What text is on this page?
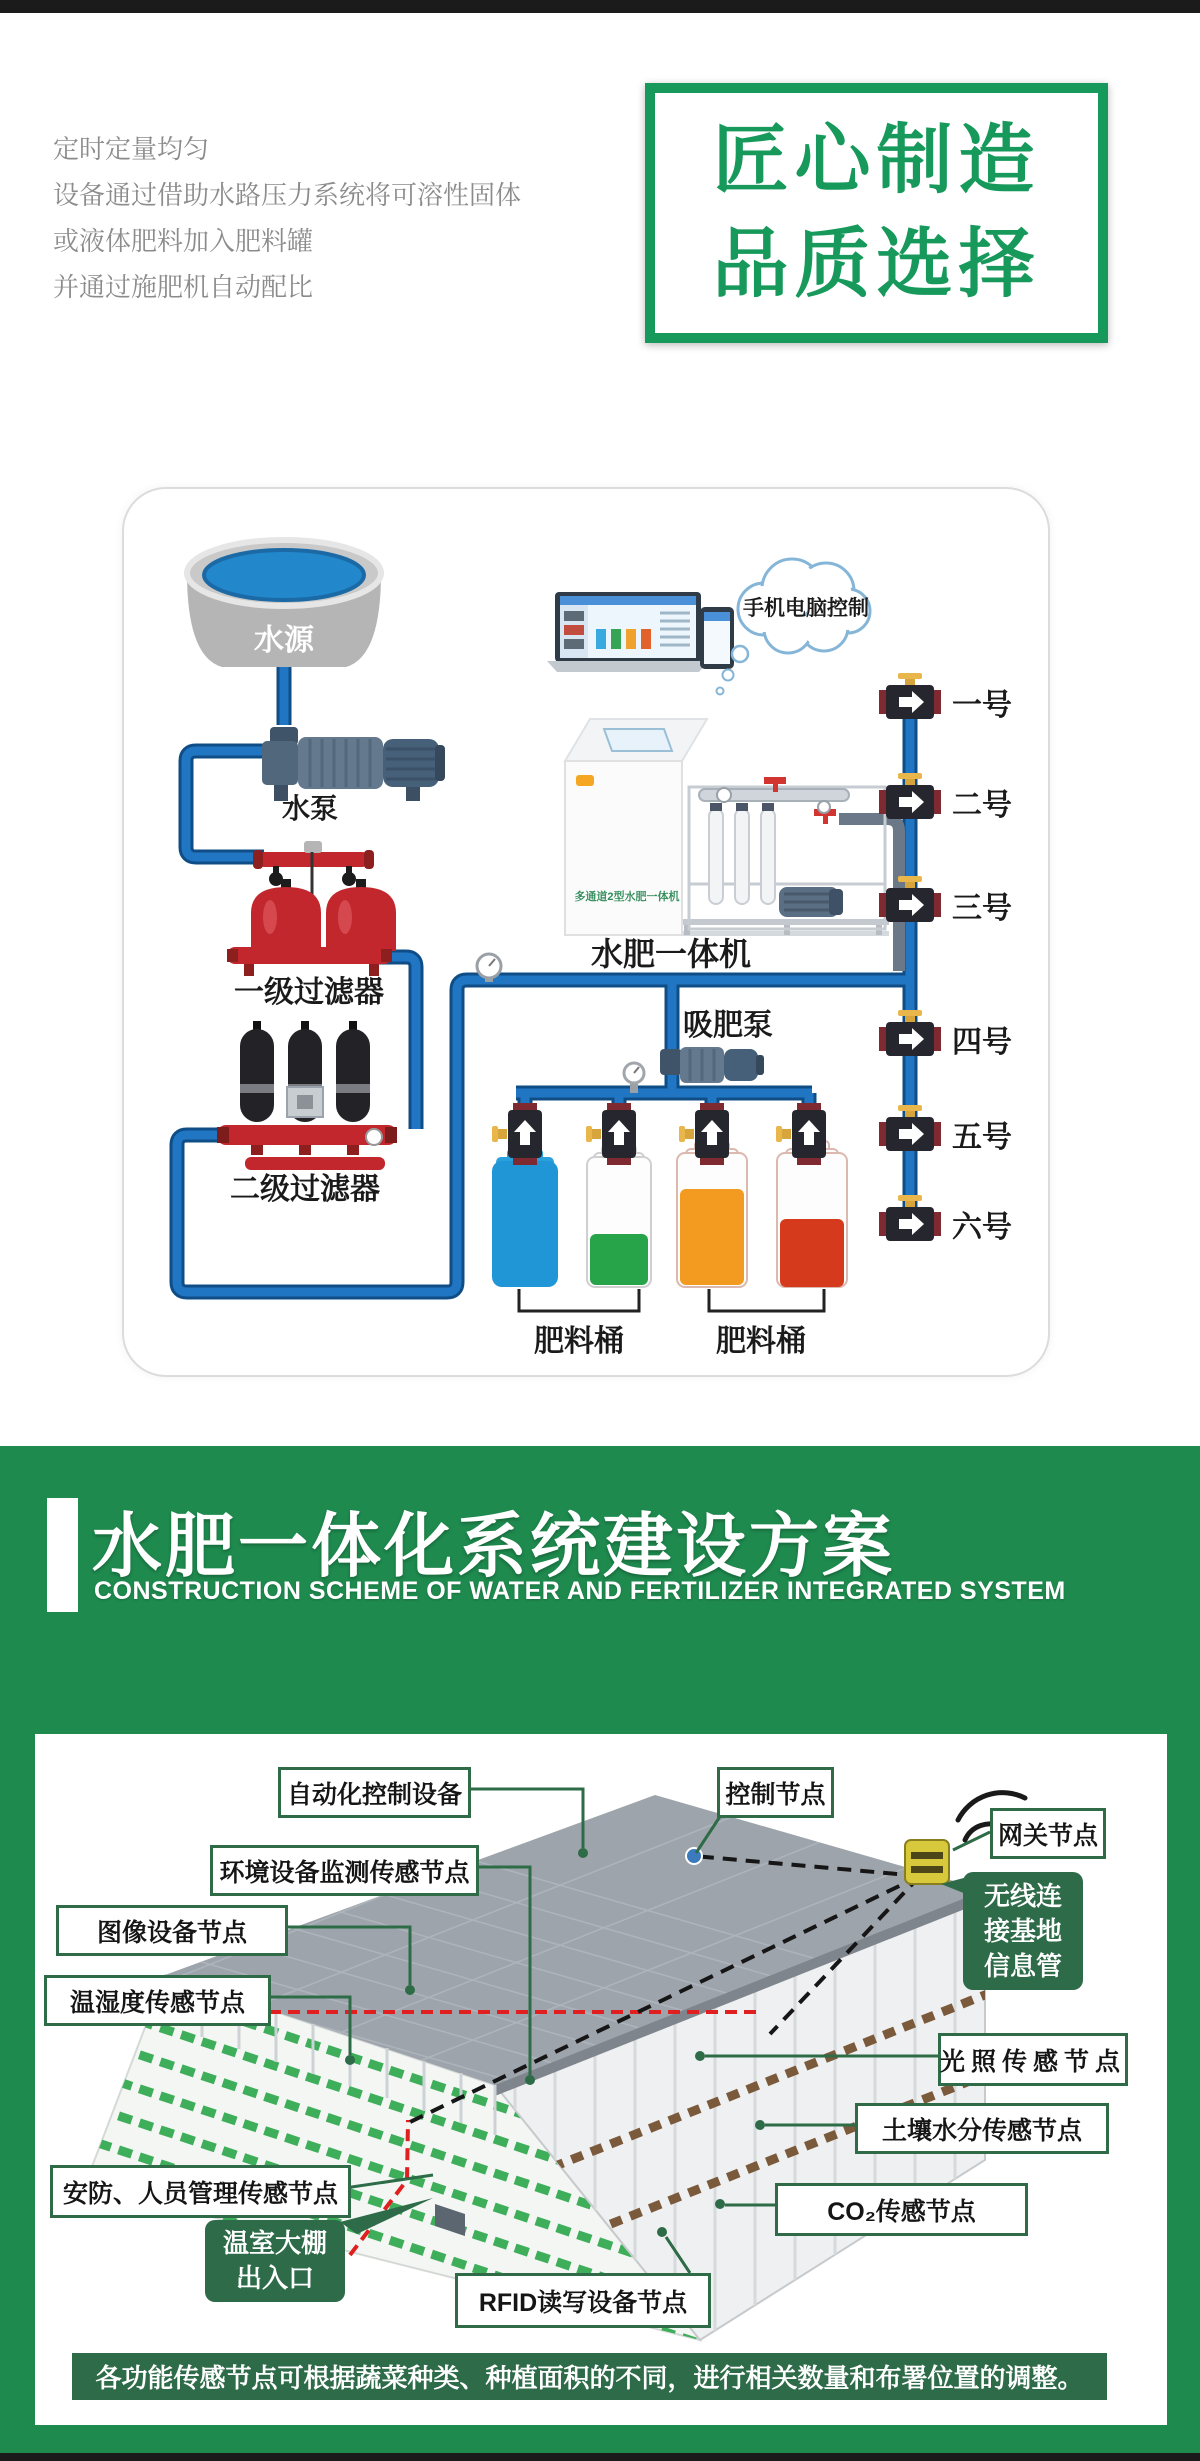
定时定量均匀
设备通过借助水路压力系统将可溶性固体
或液体肥料加入肥料罐
并通过施肥机自动配比
匠心制造
品质选择
水源
水泵
一级过滤器
二级过滤器
水肥一体机
多通道2型水肥一体机
吸肥泵
肥料桶	肥料桶
手机电脑控制
一号
二号
三号
四号
五号
六号
水肥一体化系统建设方案
CONSTRUCTION SCHEME OF WATER AND FERTILIZER INTEGRATED SYSTEM
自动化控制设备
环境设备监测传感节点
图像设备节点
温湿度传感节点
安防、人员管理传感节点
温室大棚
出入口
控制节点
网关节点
无线连
接基地
信息管
光照传感节点
土壤水分传感节点
CO₂传感节点
RFID读写设备节点
各功能传感节点可根据蔬菜种类、种植面积的不同，进行相关数量和布署位置的调整。
